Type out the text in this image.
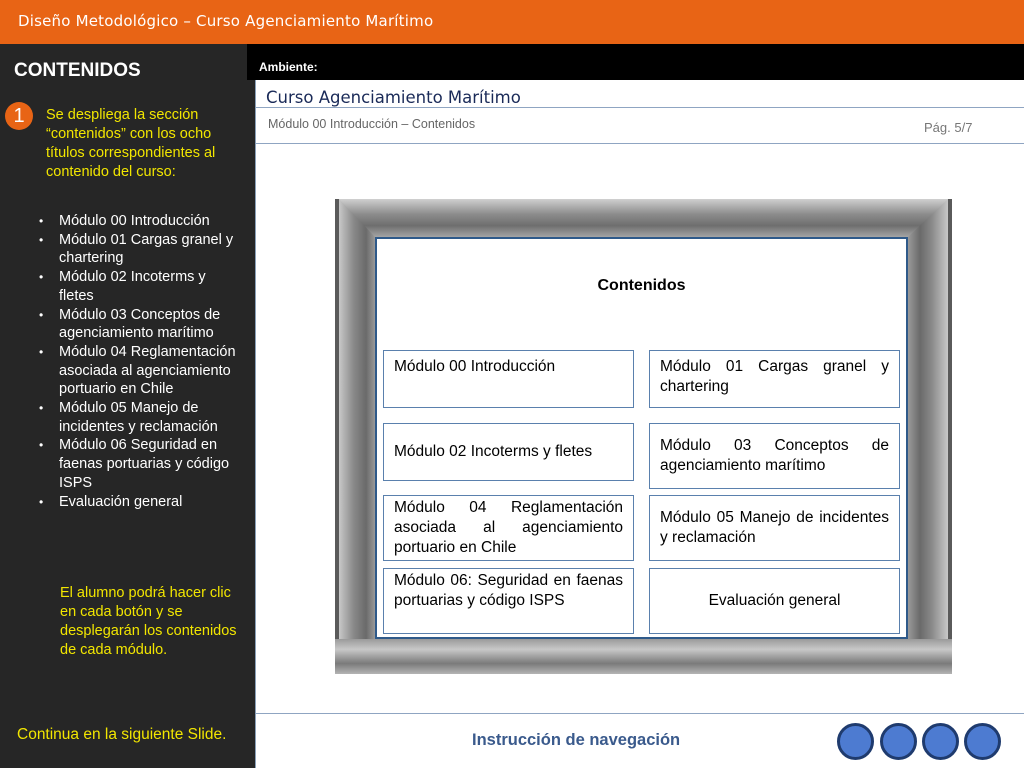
Diseño Metodológico – Curso Agenciamiento Marítimo
CONTENIDOS
1	Se despliega la sección “contenidos” con los ocho títulos correspondientes al contenido del curso:
• Módulo 00 Introducción
• Módulo 01 Cargas granel y chartering
• Módulo 02 Incoterms y fletes
• Módulo 03 Conceptos de agenciamiento marítimo
• Módulo 04 Reglamentación asociada al agenciamiento portuario en Chile
• Módulo 05 Manejo de incidentes y reclamación
• Módulo 06 Seguridad en faenas portuarias y código ISPS
• Evaluación general
El alumno podrá hacer clic en cada botón y se desplegarán los contenidos de cada módulo.
Continua en la siguiente Slide.
Ambiente:
Curso Agenciamiento Marítimo
Módulo 00 Introducción – Contenidos	Pág. 5/7
Contenidos
Módulo 00 Introducción	Módulo 01 Cargas granel y chartering
Módulo 02 Incoterms y fletes	Módulo 03 Conceptos de agenciamiento marítimo
Módulo 04 Reglamentación asociada al agenciamiento portuario en Chile
Módulo 05 Manejo de incidentes y reclamación
Módulo 06: Seguridad en faenas portuarias y código ISPS	Evaluación general
Instrucción de navegación
